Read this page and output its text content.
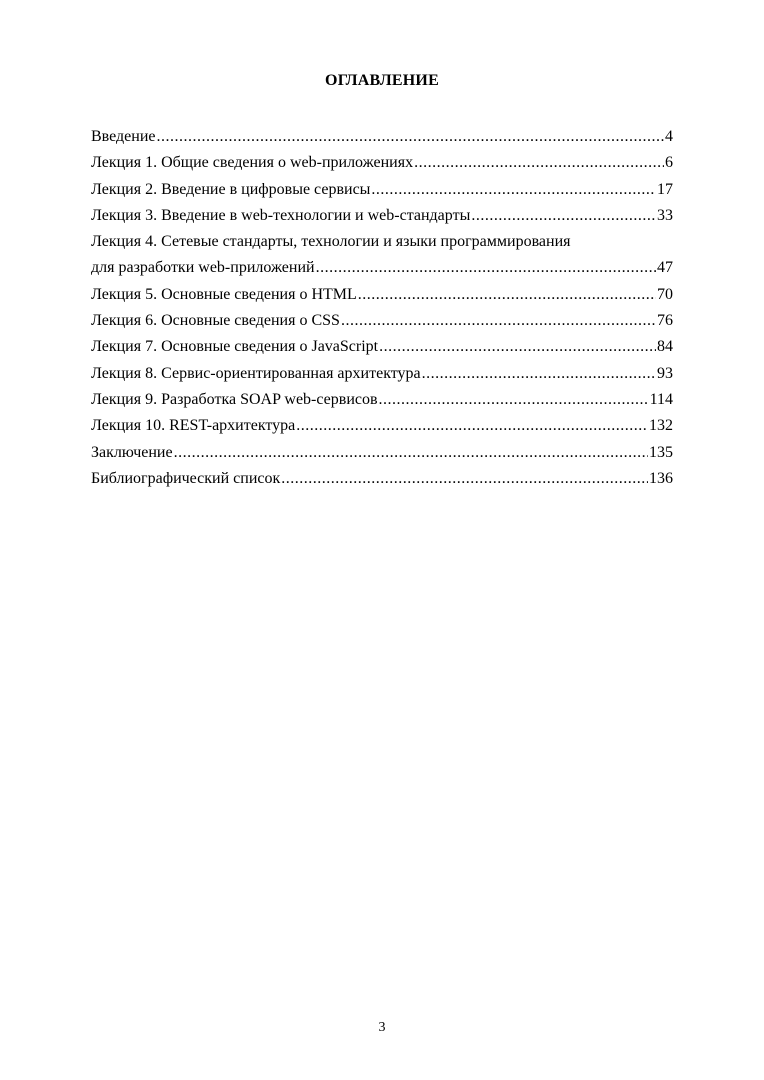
ОГЛАВЛЕНИЕ
Введение .....	4
Лекция 1. Общие сведения о web-приложениях .....	6
Лекция 2. Введение в цифровые сервисы .....	17
Лекция 3. Введение в web-технологии и web-стандарты .....	33
Лекция 4. Сетевые стандарты, технологии и языки программирования
для разработки web-приложений .....	47
Лекция 5. Основные сведения о HTML .....	70
Лекция 6. Основные сведения о CSS .....	76
Лекция 7. Основные сведения о JavaScript .....	84
Лекция 8. Сервис-ориентированная архитектура .....	93
Лекция 9. Разработка SOAP web-сервисов .....	114
Лекция 10. REST-архитектура .....	132
Заключение .....	135
Библиографический список .....	136
3
